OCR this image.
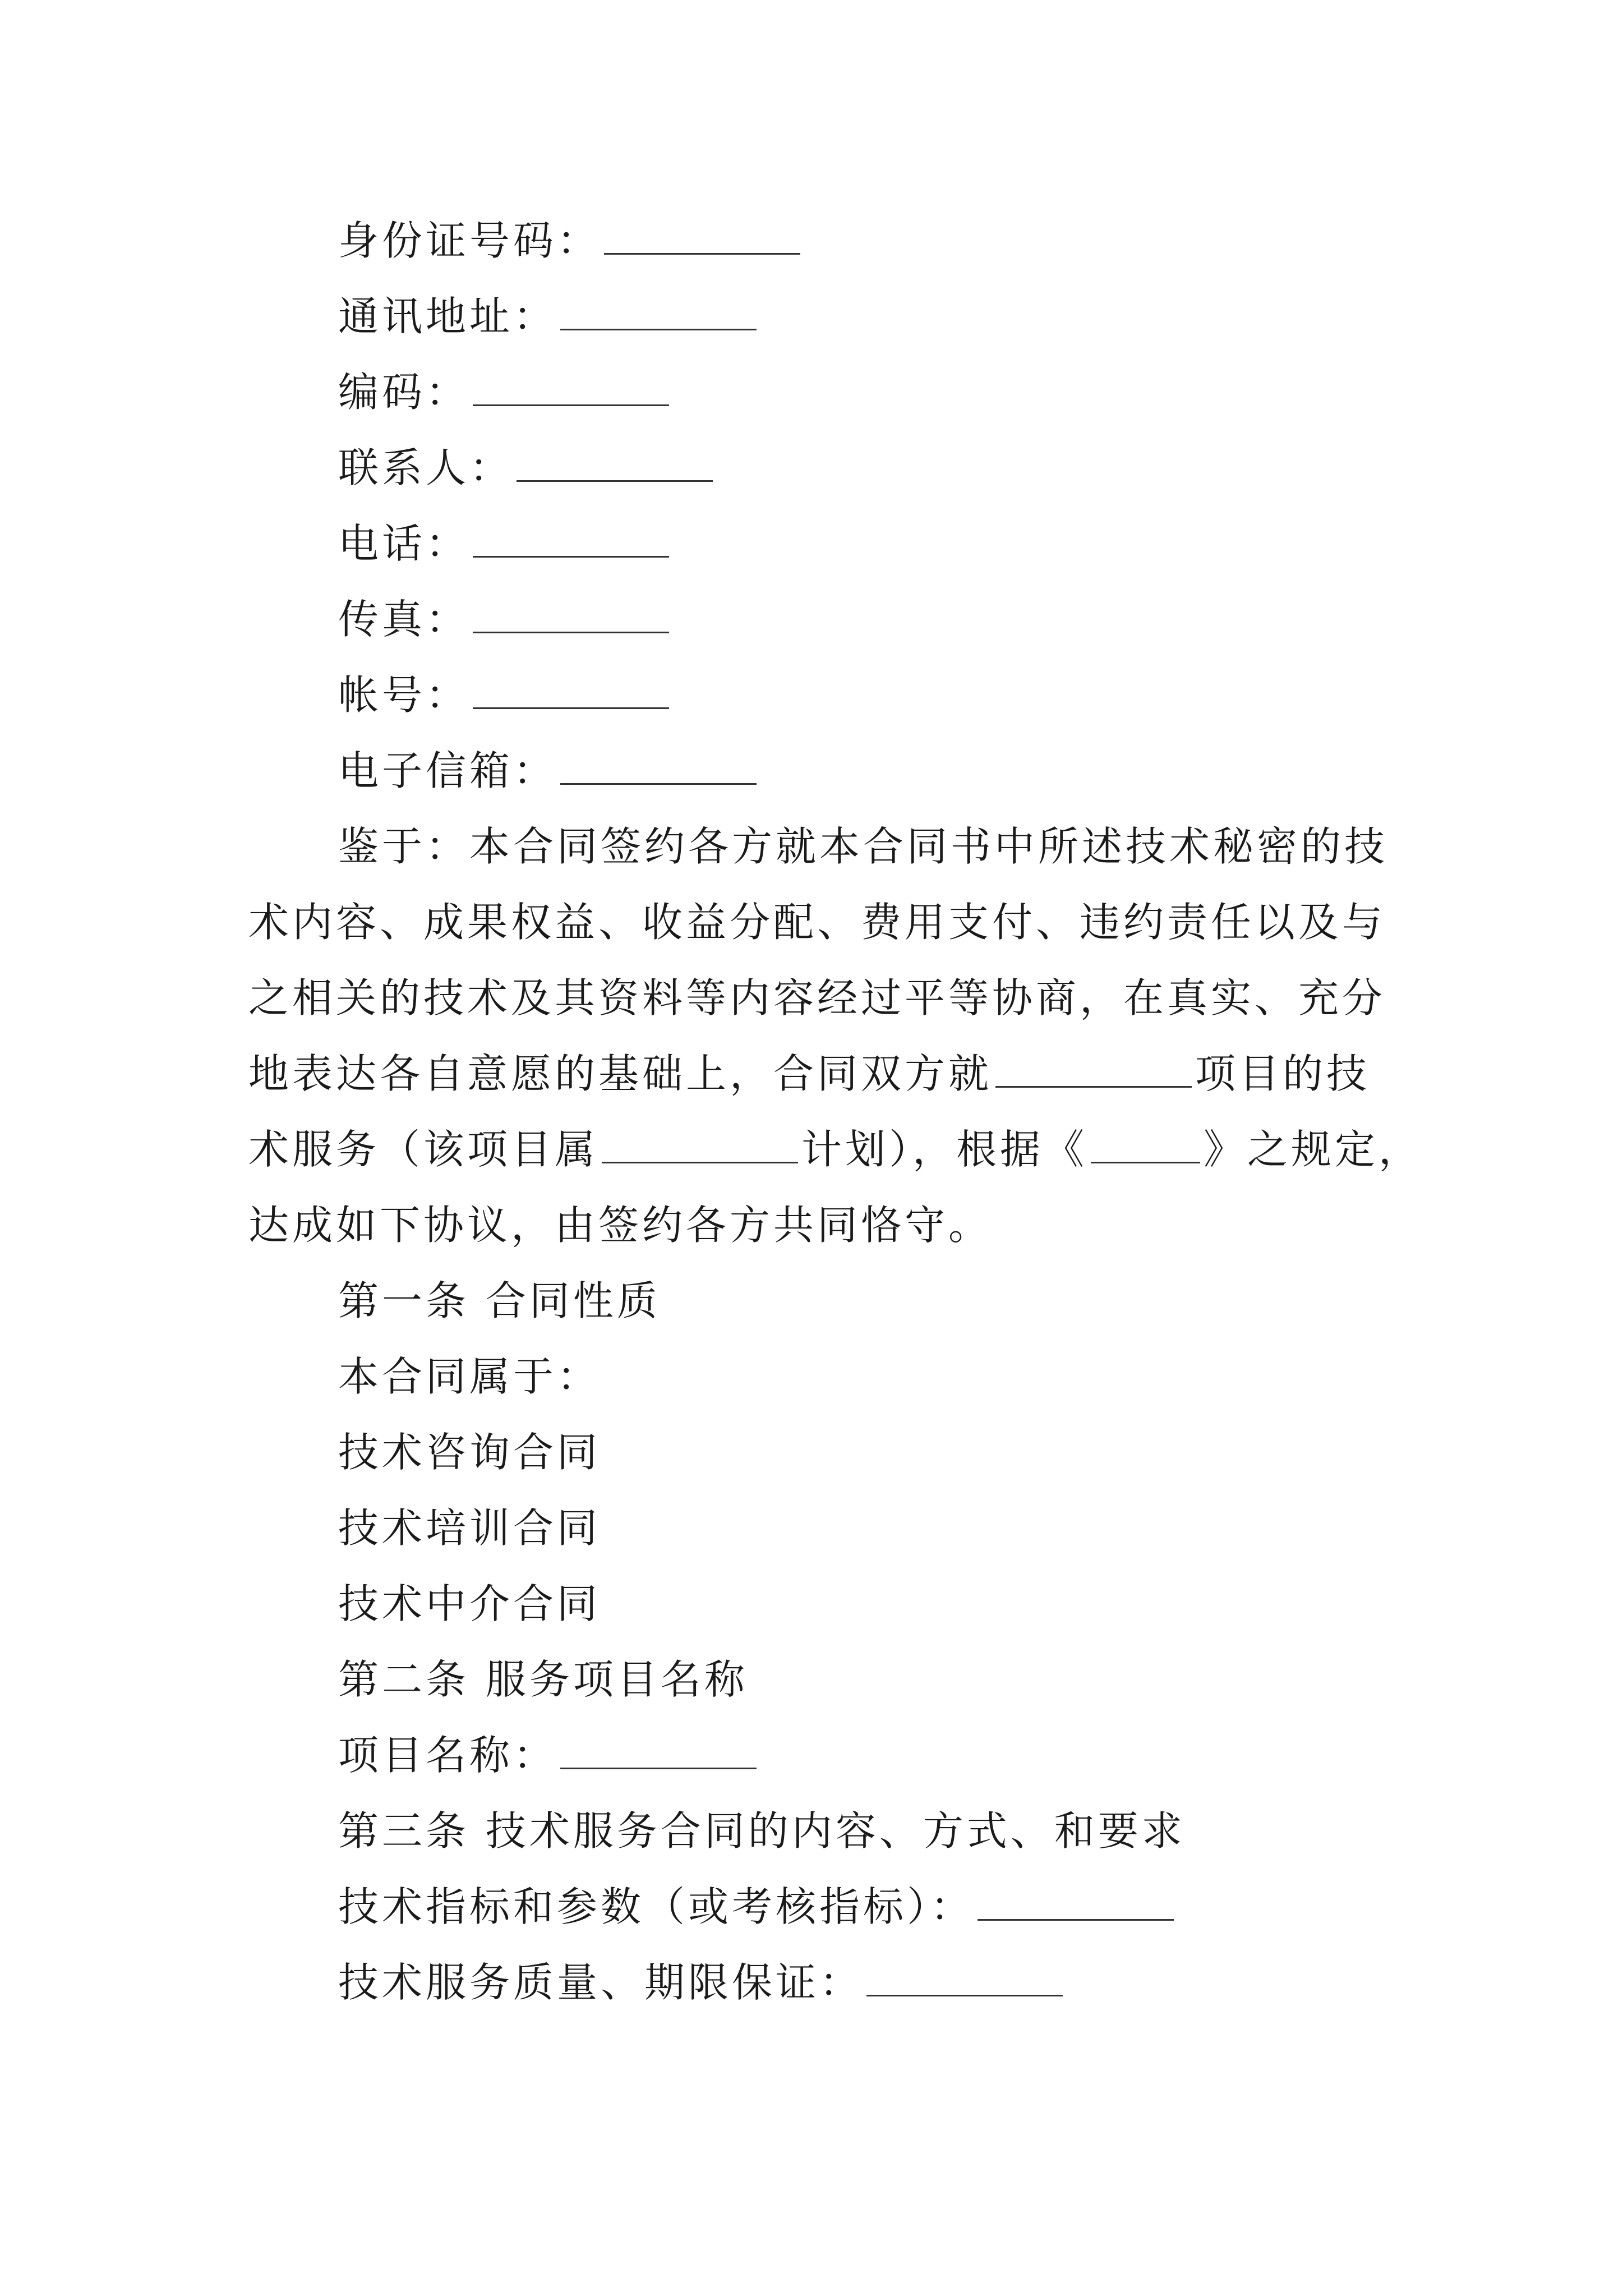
身份证号码：
通讯地址：
编码：
联系人：
电话：
传真：
帐号：
电子信箱：
鉴于：本合同签约各方就本合同书中所述技术秘密的技
术内容、成果权益、收益分配、费用支付、违约责任以及与
之相关的技术及其资料等内容经过平等协商，在真实、充分
地表达各自意愿的基础上，合同双方就	项目的技
术服务（该项目属	计划），根据《	》之规定，
达成如下协议，由签约各方共同恪守。
第一条 合同性质
本合同属于：
技术咨询合同
技术培训合同
技术中介合同
第二条 服务项目名称
项目名称：
第三条 技术服务合同的内容、方式、和要求
技术指标和参数（或考核指标）：
技术服务质量、期限保证：
